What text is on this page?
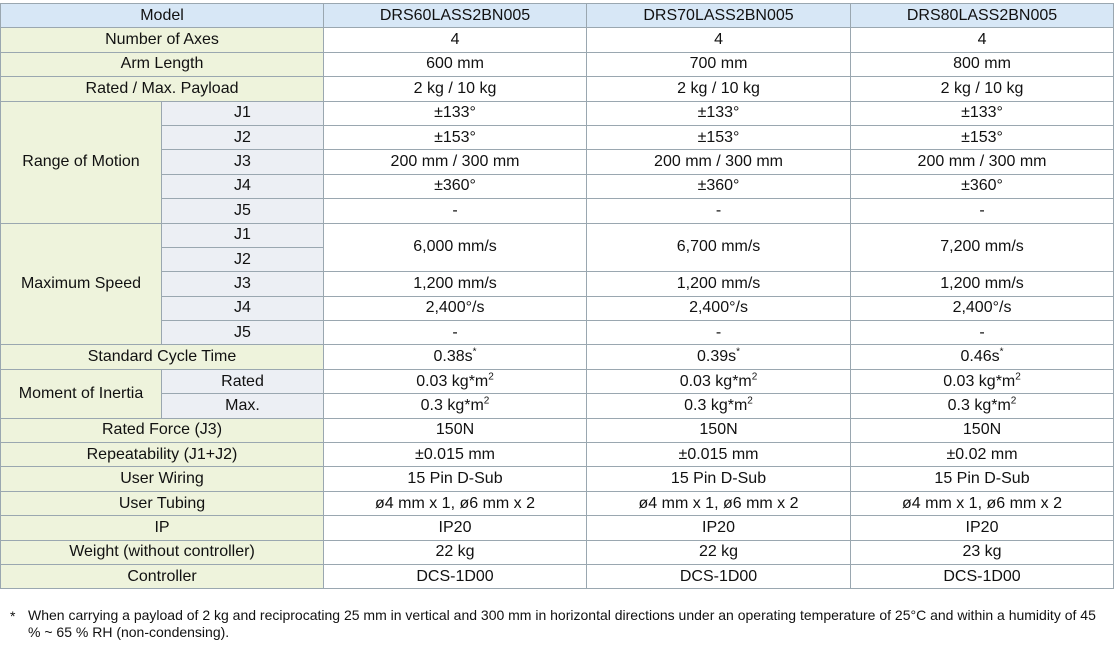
Model		DRS60LASS2BN005	DRS70LASS2BN005	DRS80LASS2BN005
Number of Axes		4	4	4
Arm Length		600 mm	700 mm	800 mm
Rated / Max. Payload		2 kg / 10 kg	2 kg / 10 kg	2 kg / 10 kg
Range of Motion	J1	±133°	±133°	±133°
	J2	±153°	±153°	±153°
	J3	200 mm / 300 mm	200 mm / 300 mm	200 mm / 300 mm
	J4	±360°	±360°	±360°
	J5	-	-	-
Maximum Speed	J1	6,000 mm/s	6,700 mm/s	7,200 mm/s
	J2			
	J3	1,200 mm/s	1,200 mm/s	1,200 mm/s
	J4	2,400°/s	2,400°/s	2,400°/s
	J5	-	-	-
Standard Cycle Time		0.38s*	0.39s*	0.46s*
Moment of Inertia	Rated	0.03 $kg*m^2$	0.03 $kg*m^2$	0.03 $kg*m^2$
	Max.	0.3 $kg*m^2$	0.3 $kg*m^2$	0.3 $kg*m^2$
Rated Force (J3)		150N	150N	150N
Repeatability (J1+J2)		±0.015 mm	±0.015 mm	±0.02 mm
User Wiring		15 Pin D-Sub	15 Pin D-Sub	15 Pin D-Sub
User Tubing		ø4 mm x 1, ø6 mm x 2	ø4 mm x 1, ø6 mm x 2	ø4 mm x 1, ø6 mm x 2
IP		IP20	IP20	IP20
Weight (without controller)		22 kg	22 kg	23 kg
Controller		DCS-1D00	DCS-1D00	DCS-1D00
* When carrying a payload of 2 kg and reciprocating 25 mm in vertical and 300 mm in horizontal directions under an operating temperature of 25°C and within a humidity of 45 % ~ 65 % RH (non-condensing).
